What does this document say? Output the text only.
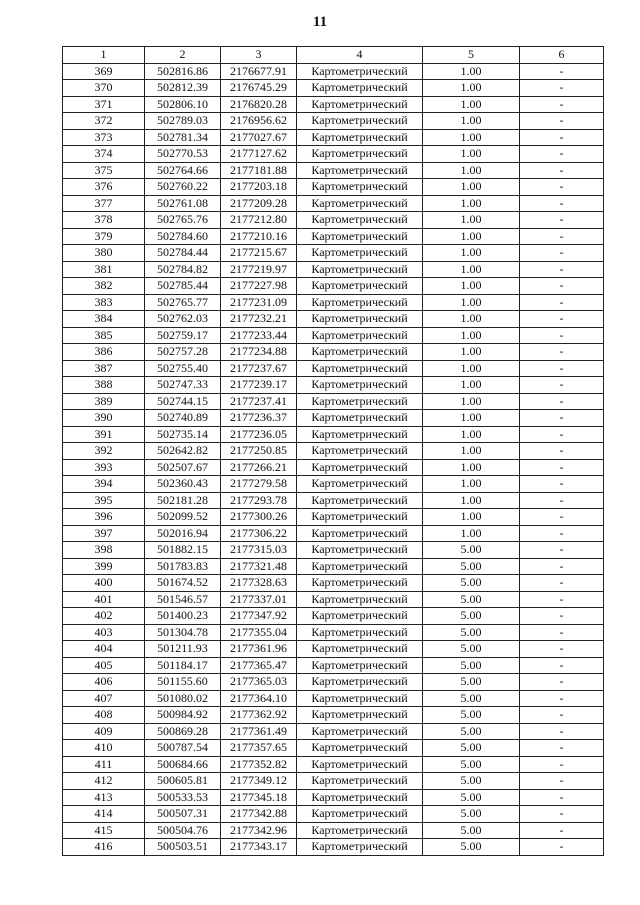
11
1	2	3	4	5	6
369	502816.86	2176677.91	Картометрический	1.00	-
370	502812.39	2176745.29	Картометрический	1.00	-
371	502806.10	2176820.28	Картометрический	1.00	-
372	502789.03	2176956.62	Картометрический	1.00	-
373	502781.34	2177027.67	Картометрический	1.00	-
374	502770.53	2177127.62	Картометрический	1.00	-
375	502764.66	2177181.88	Картометрический	1.00	-
376	502760.22	2177203.18	Картометрический	1.00	-
377	502761.08	2177209.28	Картометрический	1.00	-
378	502765.76	2177212.80	Картометрический	1.00	-
379	502784.60	2177210.16	Картометрический	1.00	-
380	502784.44	2177215.67	Картометрический	1.00	-
381	502784.82	2177219.97	Картометрический	1.00	-
382	502785.44	2177227.98	Картометрический	1.00	-
383	502765.77	2177231.09	Картометрический	1.00	-
384	502762.03	2177232.21	Картометрический	1.00	-
385	502759.17	2177233.44	Картометрический	1.00	-
386	502757.28	2177234.88	Картометрический	1.00	-
387	502755.40	2177237.67	Картометрический	1.00	-
388	502747.33	2177239.17	Картометрический	1.00	-
389	502744.15	2177237.41	Картометрический	1.00	-
390	502740.89	2177236.37	Картометрический	1.00	-
391	502735.14	2177236.05	Картометрический	1.00	-
392	502642.82	2177250.85	Картометрический	1.00	-
393	502507.67	2177266.21	Картометрический	1.00	-
394	502360.43	2177279.58	Картометрический	1.00	-
395	502181.28	2177293.78	Картометрический	1.00	-
396	502099.52	2177300.26	Картометрический	1.00	-
397	502016.94	2177306.22	Картометрический	1.00	-
398	501882.15	2177315.03	Картометрический	5.00	-
399	501783.83	2177321.48	Картометрический	5.00	-
400	501674.52	2177328.63	Картометрический	5.00	-
401	501546.57	2177337.01	Картометрический	5.00	-
402	501400.23	2177347.92	Картометрический	5.00	-
403	501304.78	2177355.04	Картометрический	5.00	-
404	501211.93	2177361.96	Картометрический	5.00	-
405	501184.17	2177365.47	Картометрический	5.00	-
406	501155.60	2177365.03	Картометрический	5.00	-
407	501080.02	2177364.10	Картометрический	5.00	-
408	500984.92	2177362.92	Картометрический	5.00	-
409	500869.28	2177361.49	Картометрический	5.00	-
410	500787.54	2177357.65	Картометрический	5.00	-
411	500684.66	2177352.82	Картометрический	5.00	-
412	500605.81	2177349.12	Картометрический	5.00	-
413	500533.53	2177345.18	Картометрический	5.00	-
414	500507.31	2177342.88	Картометрический	5.00	-
415	500504.76	2177342.96	Картометрический	5.00	-
416	500503.51	2177343.17	Картометрический	5.00	-
